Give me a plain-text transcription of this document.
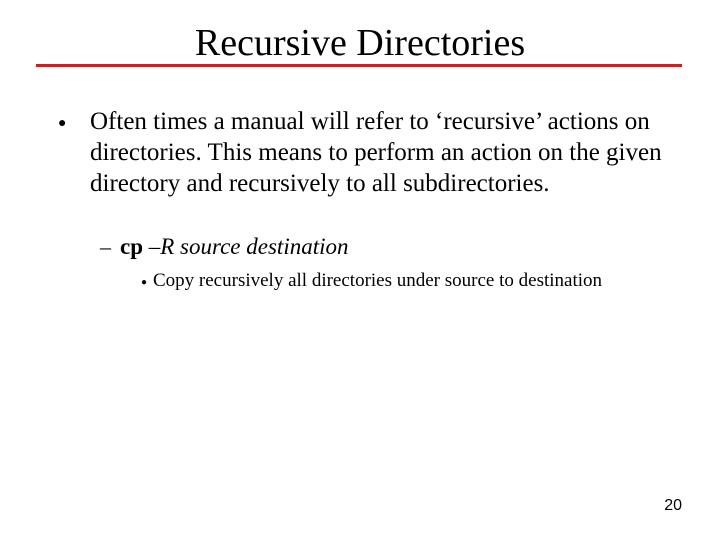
Recursive Directories
● Often times a manual will refer to ‘recursive’ actions on directories. This means to perform an action on the given directory and recursively to all subdirectories.
– cp –R source destination
● Copy recursively all directories under source to destination
20
